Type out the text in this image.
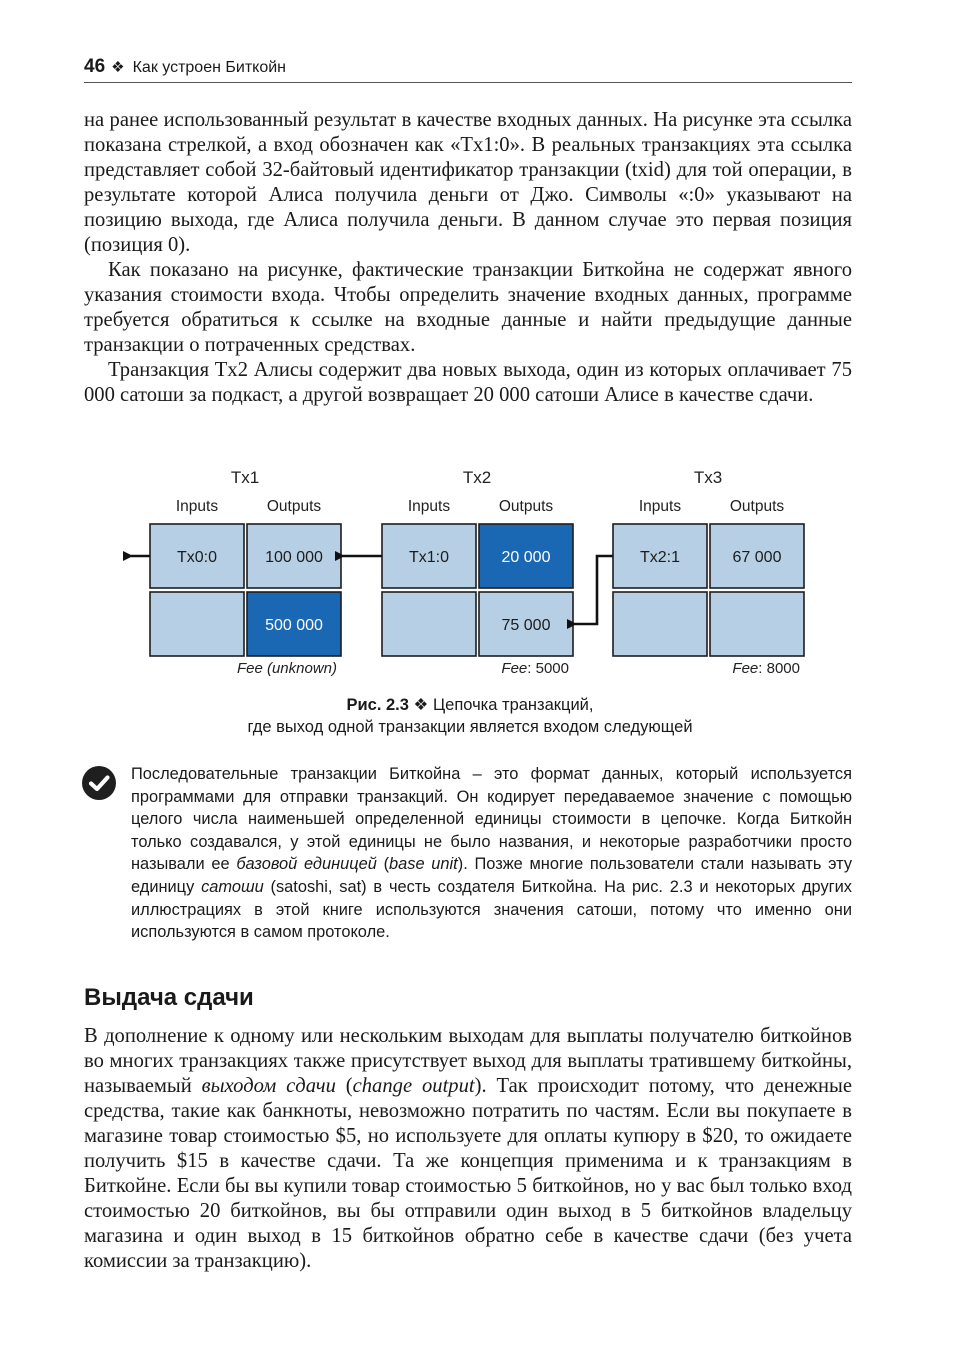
46 ❖ Как устроен Биткойн

на ранее использованный результат в качестве входных данных. На рисунке эта ссылка показана стрелкой, а вход обозначен как «Tx1:0». В реальных транзакциях эта ссылка представляет собой 32-байтовый идентификатор транзакции (txid) для той операции, в результате которой Алиса получила деньги от Джо. Символы «:0» указывают на позицию выхода, где Алиса получила деньги. В данном случае это первая позиция (позиция 0).

Как показано на рисунке, фактические транзакции Биткойна не содержат явного указания стоимости входа. Чтобы определить значение входных данных, программе требуется обратиться к ссылке на входные данные и найти предыдущие данные транзакции о потраченных средствах.

Транзакция Tx2 Алисы содержит два новых выхода, один из которых оплачивает 75 000 сатоши за подкаст, а другой возвращает 20 000 сатоши Алисе в качестве сдачи.

Tx1
Inputs	Outputs
Tx0:0	100 000
500 000
Fee (unknown)
Tx2
Inputs	Outputs
Tx1:0	20 000
75 000
Fee: 5000
Tx3
Inputs	Outputs
Tx2:1	67 000
Fee: 8000
Рис. 2.3 ❖ Цепочка транзакций,
где выход одной транзакции является входом следующей
Последовательные транзакции Биткойна – это формат данных, который используется программами для отправки транзакций. Он кодирует передаваемое значение с помощью целого числа наименьшей определенной единицы стоимости в цепочке. Когда Биткойн только создавался, у этой единицы не было названия, и некоторые разработчики просто называли ее базовой единицей (base unit). Позже многие пользователи стали называть эту единицу сатоши (satoshi, sat) в честь создателя Биткойна. На рис. 2.3 и некоторых других иллюстрациях в этой книге используются значения сатоши, потому что именно они используются в самом протоколе.
Выдача сдачи

В дополнение к одному или нескольким выходам для выплаты получателю биткойнов во многих транзакциях также присутствует выход для выплаты тратившему биткойны, называемый выходом сдачи (change output). Так происходит потому, что денежные средства, такие как банкноты, невозможно потратить по частям. Если вы покупаете в магазине товар стоимостью $5, но используете для оплаты купюру в $20, то ожидаете получить $15 в качестве сдачи. Та же концепция применима и к транзакциям в Биткойне. Если бы вы купили товар стоимостью 5 биткойнов, но у вас был только вход стоимостью 20 биткойнов, вы бы отправили один выход в 5 биткойнов владельцу магазина и один выход в 15 биткойнов обратно себе в качестве сдачи (без учета комиссии за транзакцию).
